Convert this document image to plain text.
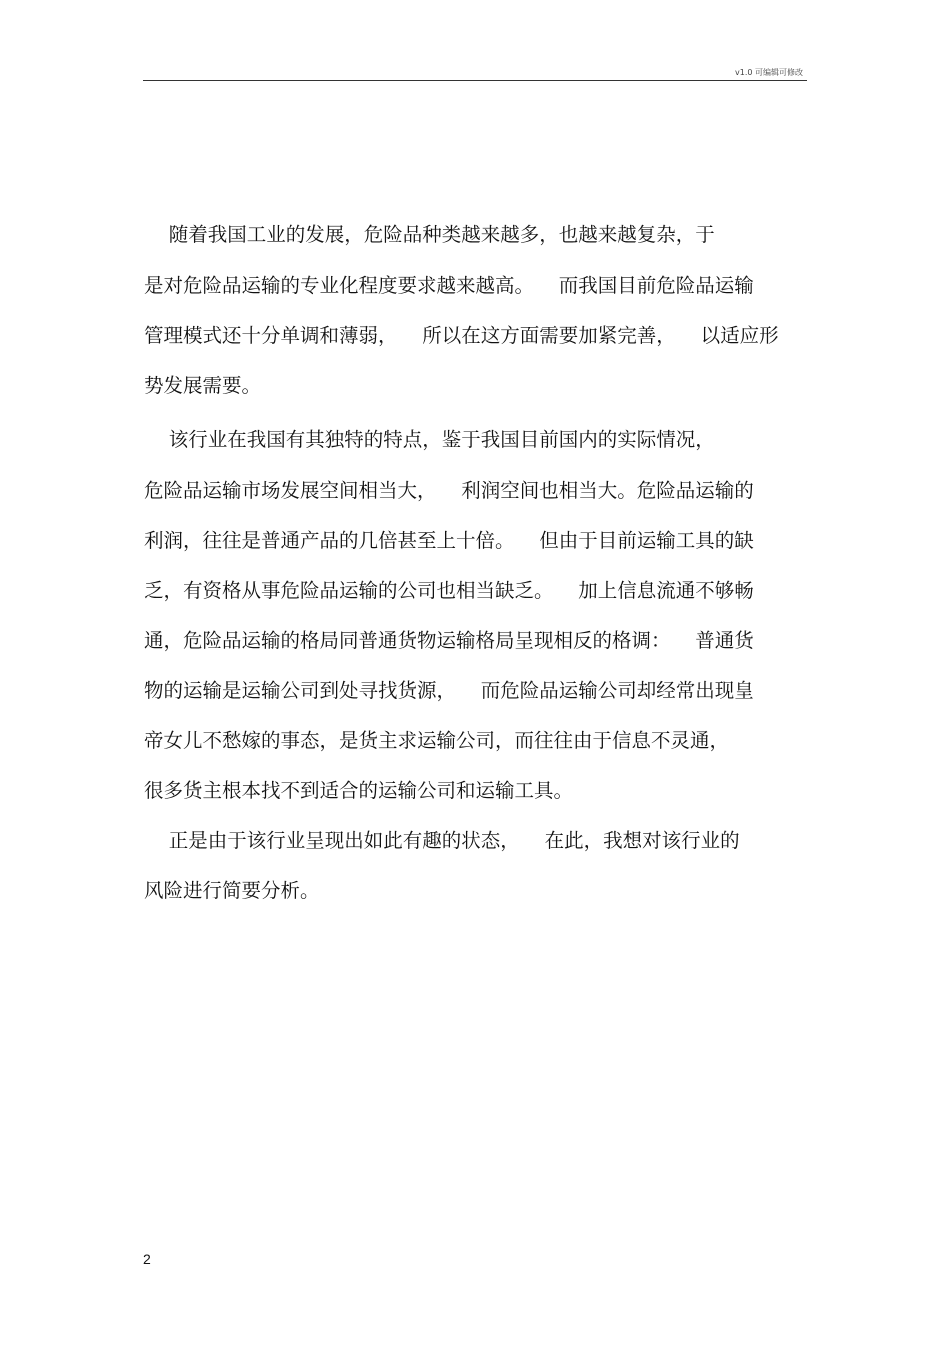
v1.0 可编辑可修改
随着我国工业的发展，危险品种类越来越多，也越来越复杂，于
是对危险品运输的专业化程度要求越来越高。    而我国目前危险品运输
管理模式还十分单调和薄弱，    所以在这方面需要加紧完善，    以适应形
势发展需要。
该行业在我国有其独特的特点，鉴于我国目前国内的实际情况，
危险品运输市场发展空间相当大，    利润空间也相当大。危险品运输的
利润，往往是普通产品的几倍甚至上十倍。    但由于目前运输工具的缺
乏，有资格从事危险品运输的公司也相当缺乏。    加上信息流通不够畅
通，危险品运输的格局同普通货物运输格局呈现相反的格调：    普通货
物的运输是运输公司到处寻找货源，    而危险品运输公司却经常出现皇
帝女儿不愁嫁的事态，是货主求运输公司，而往往由于信息不灵通，
很多货主根本找不到适合的运输公司和运输工具。
正是由于该行业呈现出如此有趣的状态，    在此，我想对该行业的
风险进行简要分析。
2
